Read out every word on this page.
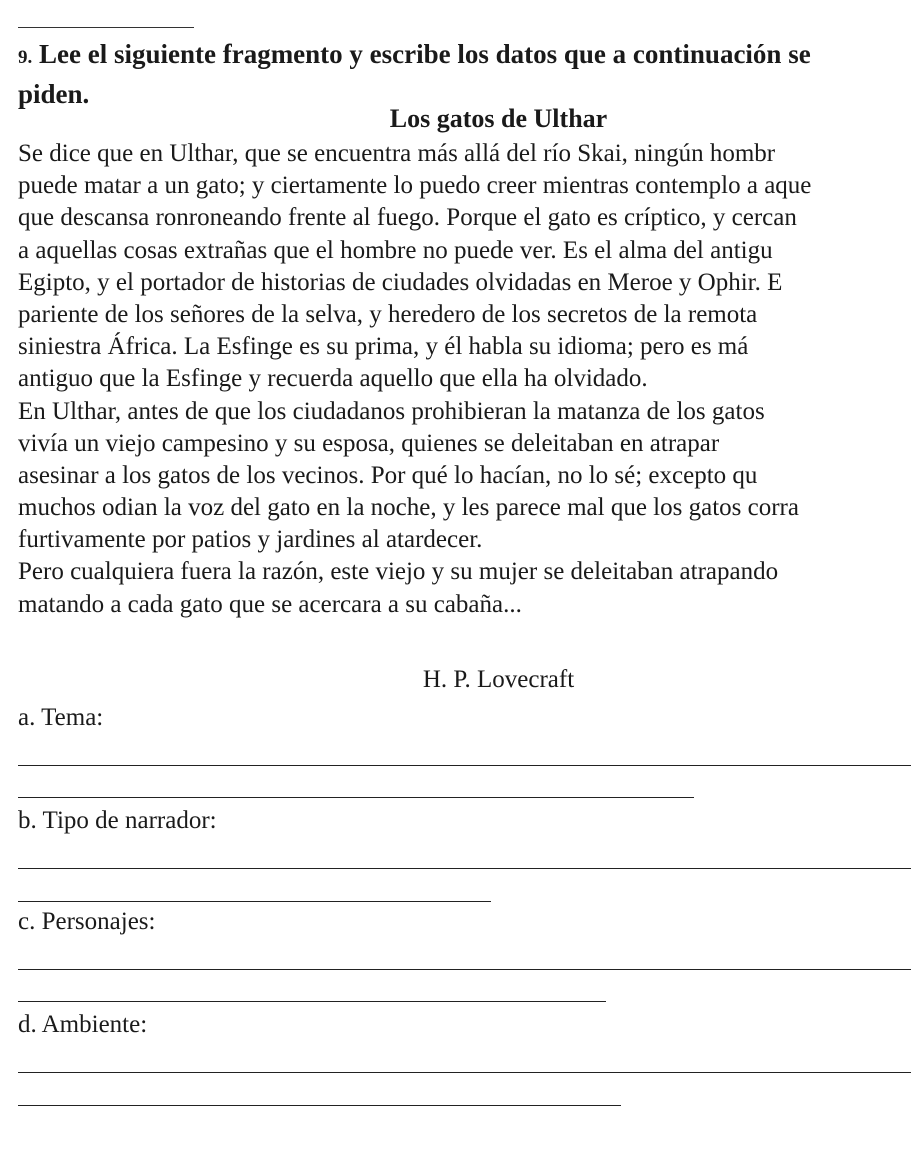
9. Lee el siguiente fragmento y escribe los datos que a continuación se
piden.
Los gatos de Ulthar
Se dice que en Ulthar, que se encuentra más allá del río Skai, ningún hombr
puede matar a un gato; y ciertamente lo puedo creer mientras contemplo a aque
que descansa ronroneando frente al fuego. Porque el gato es críptico, y cercan
a aquellas cosas extrañas que el hombre no puede ver. Es el alma del antigu
Egipto, y el portador de historias de ciudades olvidadas en Meroe y Ophir. E
pariente de los señores de la selva, y heredero de los secretos de la remota
siniestra África. La Esfinge es su prima, y él habla su idioma; pero es má
antiguo que la Esfinge y recuerda aquello que ella ha olvidado.
En Ulthar, antes de que los ciudadanos prohibieran la matanza de los gatos
vivía un viejo campesino y su esposa, quienes se deleitaban en atrapar
asesinar a los gatos de los vecinos. Por qué lo hacían, no lo sé; excepto qu
muchos odian la voz del gato en la noche, y les parece mal que los gatos corra
furtivamente por patios y jardines al atardecer.
Pero cualquiera fuera la razón, este viejo y su mujer se deleitaban atrapando
matando a cada gato que se acercara a su cabaña...
H. P. Lovecraft
a. Tema:
b. Tipo de narrador:
c. Personajes:
d. Ambiente:
